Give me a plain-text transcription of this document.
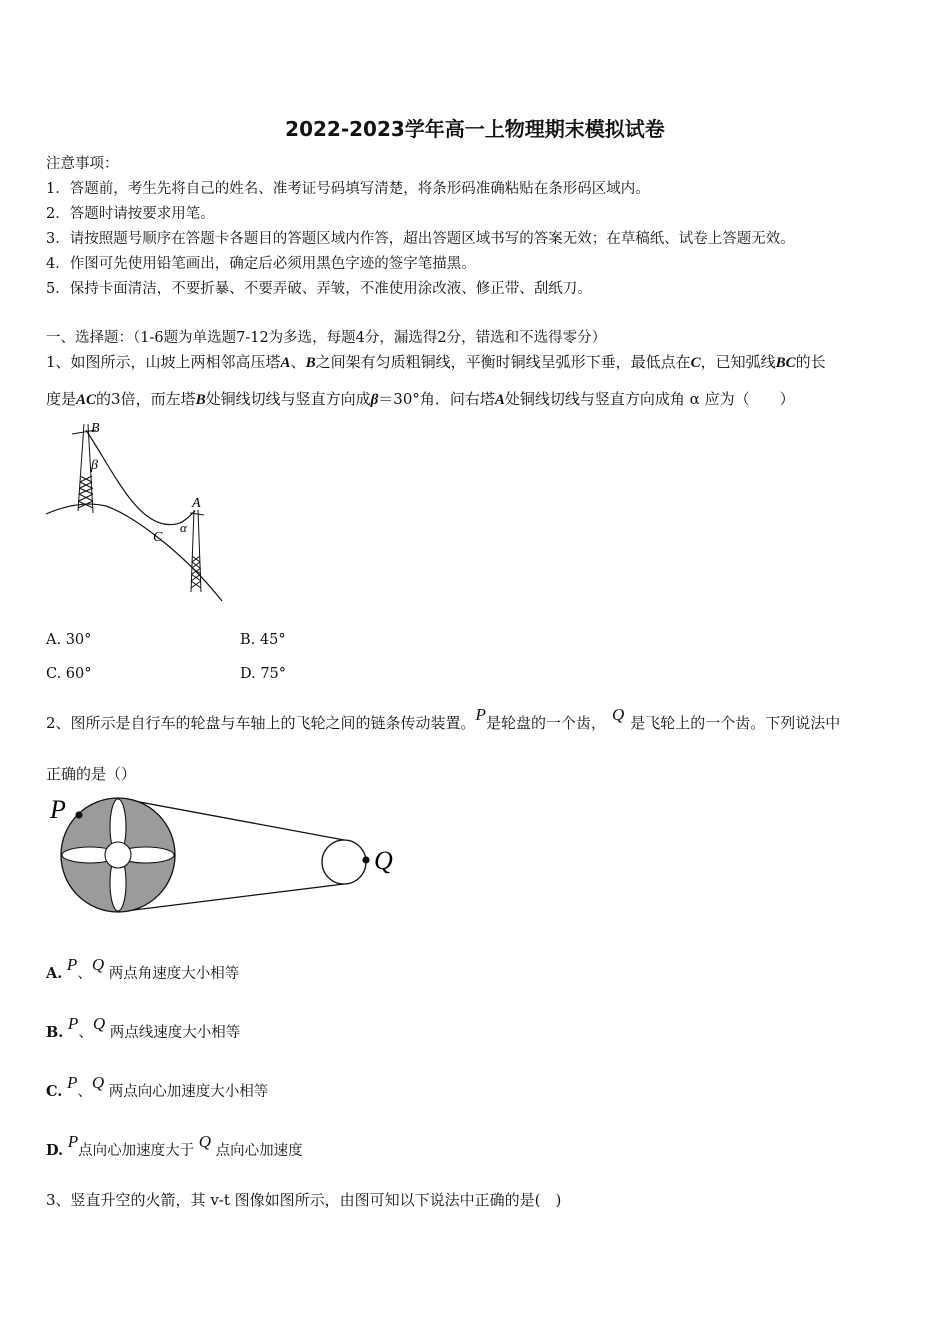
2022-2023学年高一上物理期末模拟试卷
注意事项：
1．答题前，考生先将自己的姓名、准考证号码填写清楚，将条形码准确粘贴在条形码区域内。
2．答题时请按要求用笔。
3．请按照题号顺序在答题卡各题目的答题区域内作答，超出答题区域书写的答案无效；在草稿纸、试卷上答题无效。
4．作图可先使用铅笔画出，确定后必须用黑色字迹的签字笔描黑。
5．保持卡面清洁，不要折暴、不要弄破、弄皱，不准使用涂改液、修正带、刮纸刀。
一、选择题：（1-6题为单选题7-12为多选，每题4分，漏选得2分，错选和不选得零分）
1、如图所示，山坡上两相邻高压塔A、B之间架有匀质粗铜线，平衡时铜线呈弧形下垂，最低点在C，已知弧线BC的长
度是AC的3倍，而左塔B处铜线切线与竖直方向成β＝30°角．问右塔A处铜线切线与竖直方向成角 α 应为（　　）
B
β
A
α
C
A. 30°	B. 45°
C. 60°	D. 75°
2、图所示是自行车的轮盘与车轴上的飞轮之间的链条传动装置。P是轮盘的一个齿， Q 是飞轮上的一个齿。下列说法中
正确的是（）
P
Q
A. P、Q 两点角速度大小相等
B. P、Q 两点线速度大小相等
C. P、Q 两点向心加速度大小相等
D. P点向心加速度大于 Q 点向心加速度
3、竖直升空的火箭，其 v-t 图像如图所示，由图可知以下说法中正确的是(　)
